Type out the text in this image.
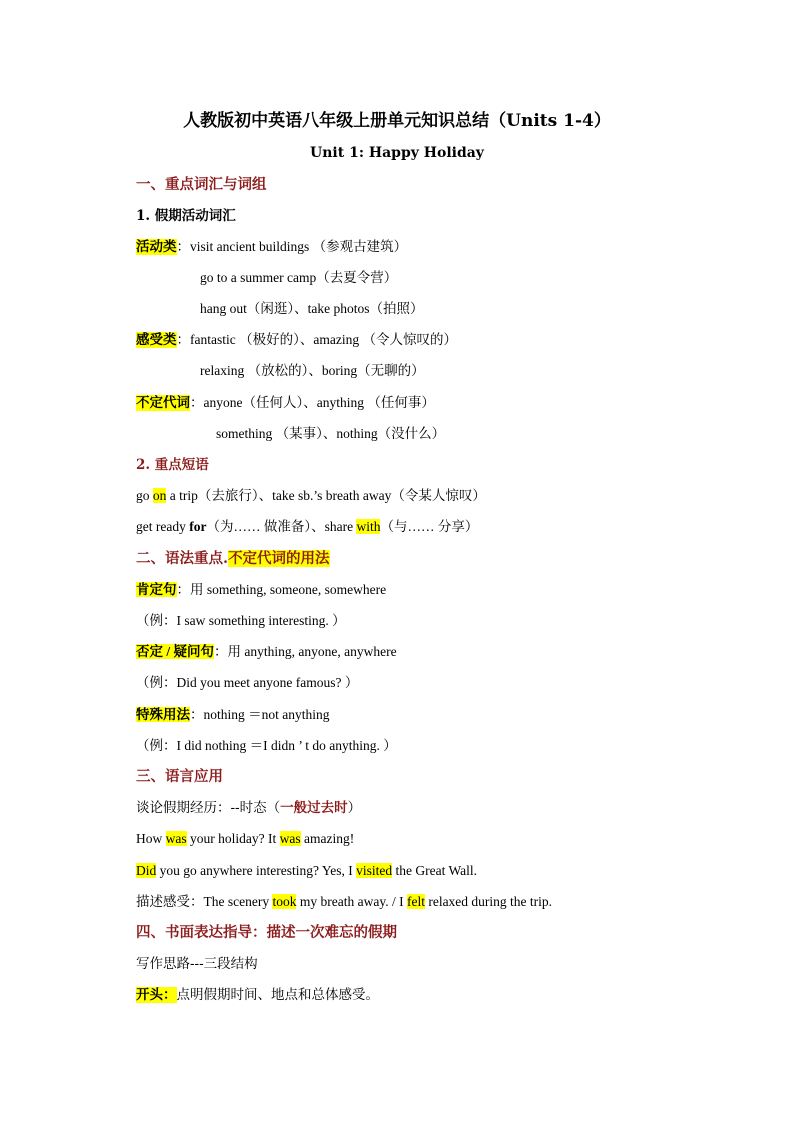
人教版初中英语八年级上册单元知识总结（Units 1-4）
Unit 1: Happy Holiday
一、重点词汇与词组
1. 假期活动词汇
活动类：visit ancient buildings （参观古建筑）
go to a summer camp（去夏令营）
hang out（闲逛）、take photos（拍照）
感受类：fantastic （极好的）、amazing （令人惊叹的）
relaxing （放松的）、boring（无聊的）
不定代词：anyone（任何人）、anything （任何事）
something （某事）、nothing（没什么）
2. 重点短语
go on a trip（去旅行）、take sb.’s breath away（令某人惊叹）
get ready for（为…… 做准备）、share with（与…… 分享）
二、语法重点.不定代词的用法
肯定句：用 something, someone, somewhere
（例：I saw something interesting. ）
否定 / 疑问句：用 anything, anyone, anywhere
（例：Did you meet anyone famous? ）
特殊用法：nothing ＝not anything
（例：I did nothing ＝I didn ’ t do anything. ）
三、语言应用
谈论假期经历：--时态（一般过去时）
How was your holiday? It was amazing!
Did you go anywhere interesting? Yes, I visited the Great Wall.
描述感受：The scenery took my breath away. / I felt relaxed during the trip.
四、书面表达指导：描述一次难忘的假期
写作思路---三段结构
开头：点明假期时间、地点和总体感受。
